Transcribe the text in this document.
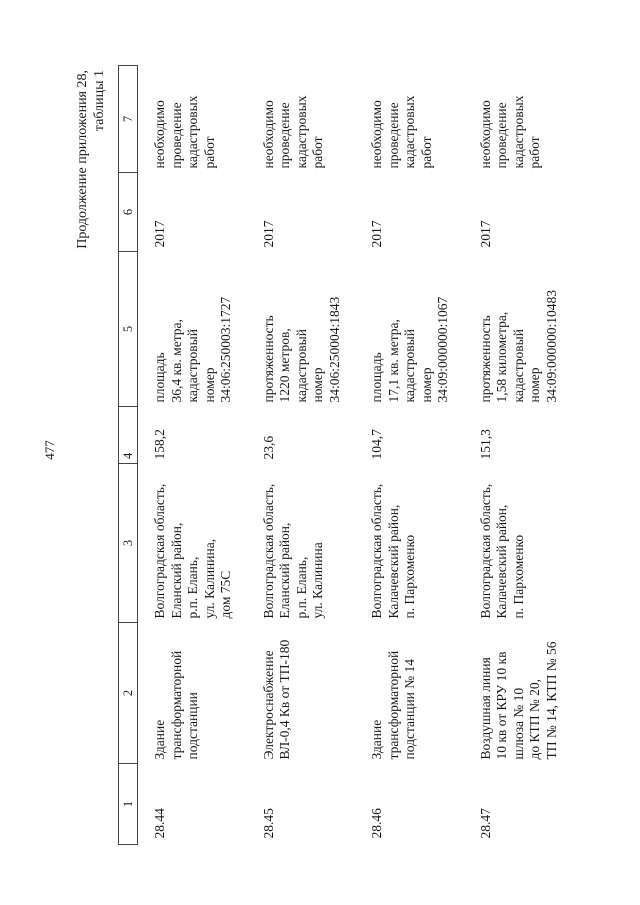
477
Продолжение приложения 28,
таблицы 1
1	2	3	4	5	6	7
28.44	Здание
трансформаторной
подстанции	Волгоградская область,
Еланский район,
р.п. Елань,
ул. Калинина,
дом 75С	158,2	площадь
36,4 кв. метра,
кадастровый
номер
34:06:250003:1727	2017	необходимо
проведение
кадастровых работ
28.45	Электроснабжение
ВЛ-0,4 Кв от ТП-180	Волгоградская область,
Еланский район,
р.п. Елань,
ул. Калинина	23,6	протяженность
1220 метров,
кадастровый
номер
34:06:250004:1843	2017	необходимо
проведение
кадастровых работ
28.46	Здание
трансформаторной
подстанции № 14	Волгоградская область,
Калачевский район,
п. Пархоменко	104,7	площадь
17,1 кв. метра,
кадастровый
номер
34:09:000000:1067	2017	необходимо
проведение
кадастровых работ
28.47	Воздушная линия
10 кв от КРУ 10 кв
шлюза № 10
до КТП № 20,
ТП № 14, КТП № 56	Волгоградская область,
Калачевский район,
п. Пархоменко	151,3	протяженность
1,58 километра,
кадастровый
номер
34:09:000000:10483	2017	необходимо
проведение
кадастровых работ
